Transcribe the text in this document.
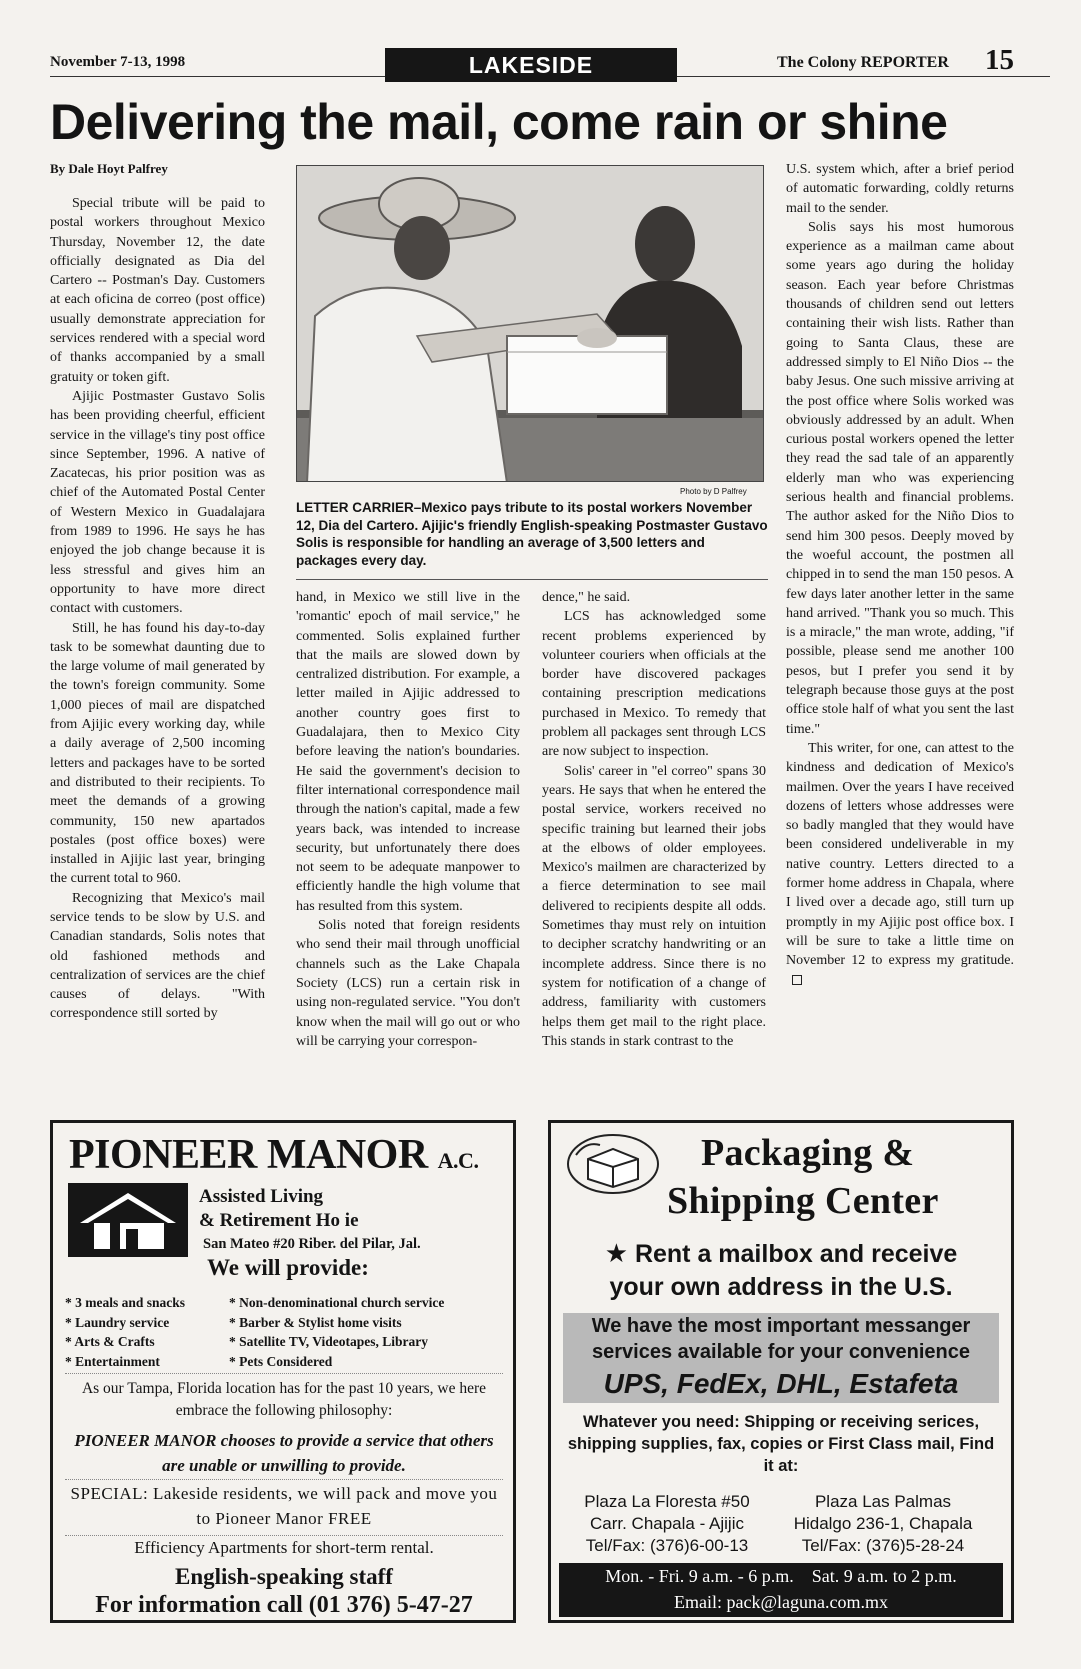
November 7-13, 1998	LAKESIDE	The Colony REPORTER 15
Delivering the mail, come rain or shine
By Dale Hoyt Palfrey

Special tribute will be paid to postal workers throughout Mexico Thursday, November 12, the date officially designated as Dia del Cartero -- Postman's Day. Customers at each oficina de correo (post office) usually demonstrate appreciation for services rendered with a special word of thanks accompanied by a small gratuity or token gift.

Ajijic Postmaster Gustavo Solis has been providing cheerful, efficient service in the village's tiny post office since September, 1996. A native of Zacatecas, his prior position was as chief of the Automated Postal Center of Western Mexico in Guadalajara from 1989 to 1996. He says he has enjoyed the job change because it is less stressful and gives him an opportunity to have more direct contact with customers.

Still, he has found his day-to-day task to be somewhat daunting due to the large volume of mail generated by the town's foreign community. Some 1,000 pieces of mail are dispatched from Ajijic every working day, while a daily average of 2,500 incoming letters and packages have to be sorted and distributed to their recipients. To meet the demands of a growing community, 150 new apartados postales (post office boxes) were installed in Ajijic last year, bringing the current total to 960.

Recognizing that Mexico's mail service tends to be slow by U.S. and Canadian standards, Solis notes that old fashioned methods and centralization of services are the chief causes of delays. "With correspondence still sorted by

Photo by D Palfrey
LETTER CARRIER–Mexico pays tribute to its postal workers November 12, Dia del Cartero. Ajijic's friendly English-speaking Postmaster Gustavo Solis is responsible for handling an average of 3,500 letters and packages every day.

hand, in Mexico we still live in the 'romantic' epoch of mail service," he commented. Solis explained further that the mails are slowed down by centralized distribution. For example, a letter mailed in Ajijic addressed to another country goes first to Guadalajara, then to Mexico City before leaving the nation's boundaries. He said the government's decision to filter international correspondence mail through the nation's capital, made a few years back, was intended to increase security, but unfortunately there does not seem to be adequate manpower to efficiently handle the high volume that has resulted from this system.

Solis noted that foreign residents who send their mail through unofficial channels such as the Lake Chapala Society (LCS) run a certain risk in using non-regulated service. "You don't know when the mail will go out or who will be carrying your correspon-

dence," he said.

LCS has acknowledged some recent problems experienced by volunteer couriers when officials at the border have discovered packages containing prescription medications purchased in Mexico. To remedy that problem all packages sent through LCS are now subject to inspection.

Solis' career in "el correo" spans 30 years. He says that when he entered the postal service, workers received no specific training but learned their jobs at the elbows of older employees. Mexico's mailmen are characterized by a fierce determination to see mail delivered to recipients despite all odds. Sometimes thay must rely on intuition to decipher scratchy handwriting or an incomplete address. Since there is no system for notification of a change of address, familiarity with customers helps them get mail to the right place. This stands in stark contrast to the

U.S. system which, after a brief period of automatic forwarding, coldly returns mail to the sender.

Solis says his most humorous experience as a mailman came about some years ago during the holiday season. Each year before Christmas thousands of children send out letters containing their wish lists. Rather than going to Santa Claus, these are addressed simply to El Niño Dios -- the baby Jesus. One such missive arriving at the post office where Solis worked was obviously addressed by an adult. When curious postal workers opened the letter they read the sad tale of an apparently elderly man who was experiencing serious health and financial problems. The author asked for the Niño Dios to send him 300 pesos. Deeply moved by the woeful account, the postmen all chipped in to send the man 150 pesos. A few days later another letter in the same hand arrived. "Thank you so much. This is a miracle," the man wrote, adding, "if possible, please send me another 100 pesos, but I prefer you send it by telegraph because those guys at the post office stole half of what you sent the last time."

This writer, for one, can attest to the kindness and dedication of Mexico's mailmen. Over the years I have received dozens of letters whose addresses were so badly mangled that they would have been considered undeliverable in my native country. Letters directed to a former home address in Chapala, where I lived over a decade ago, still turn up promptly in my Ajijic post office box. I will be sure to take a little time on November 12 to express my gratitude.

PIONEER MANOR A.C.
Assisted Living
& Retirement Ho ie
San Mateo #20 Riber. del Pilar, Jal.
We will provide:
* 3 meals and snacks
* Laundry service
* Arts & Crafts
* Entertainment
* Non-denominational church service
* Barber & Stylist home visits
* Satellite TV, Videotapes, Library
* Pets Considered
As our Tampa, Florida location has for the past 10 years, we here embrace the following philosophy:
PIONEER MANOR chooses to provide a service that others are unable or unwilling to provide.
SPECIAL: Lakeside residents, we will pack and move you to Pioneer Manor FREE
Efficiency Apartments for short-term rental.
English-speaking staff
For information call (01 376) 5-47-27
Packaging &
Shipping Center
★ Rent a mailbox and receive
your own address in the U.S.
We have the most important messanger
services available for your convenience
UPS, FedEx, DHL, Estafeta
Whatever you need: Shipping or receiving serices, shipping supplies, fax, copies or First Class mail, Find it at:
Plaza La Floresta #50
Carr. Chapala - Ajijic
Tel/Fax: (376)6-00-13
Plaza Las Palmas
Hidalgo 236-1, Chapala
Tel/Fax: (376)5-28-24
Mon. - Fri. 9 a.m. - 6 p.m. Sat. 9 a.m. to 2 p.m.
Email: pack@laguna.com.mx
